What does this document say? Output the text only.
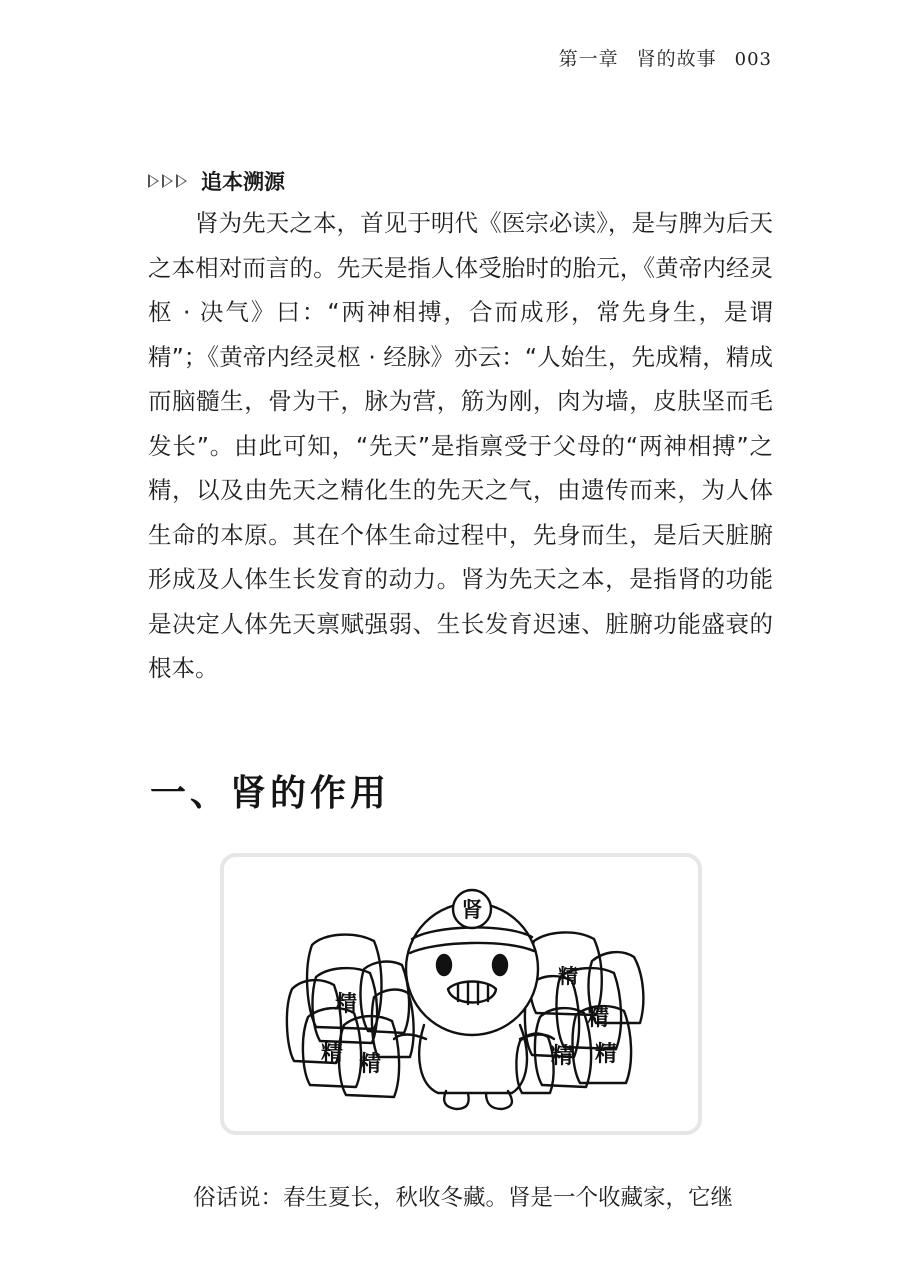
第一章 肾的故事 003
追本溯源

肾为先天之本，首见于明代《医宗必读》，是与脾为后天之本相对而言的。先天是指人体受胎时的胎元，《黄帝内经灵枢 · 决气》曰：“两神相搏，合而成形，常先身生，是谓精”；《黄帝内经灵枢 · 经脉》亦云：“人始生，先成精，精成而脑髓生，骨为干，脉为营，筋为刚，肉为墙，皮肤坚而毛发长”。由此可知，“先天”是指禀受于父母的“两神相搏”之精，以及由先天之精化生的先天之气，由遗传而来，为人体生命的本原。其在个体生命过程中，先身而生，是后天脏腑形成及人体生长发育的动力。肾为先天之本，是指肾的功能是决定人体先天禀赋强弱、生长发育迟速、脏腑功能盛衰的根本。

一、肾的作用
肾
精
精 精
精
精
精 精

俗话说：春生夏长，秋收冬藏。肾是一个收藏家，它继
